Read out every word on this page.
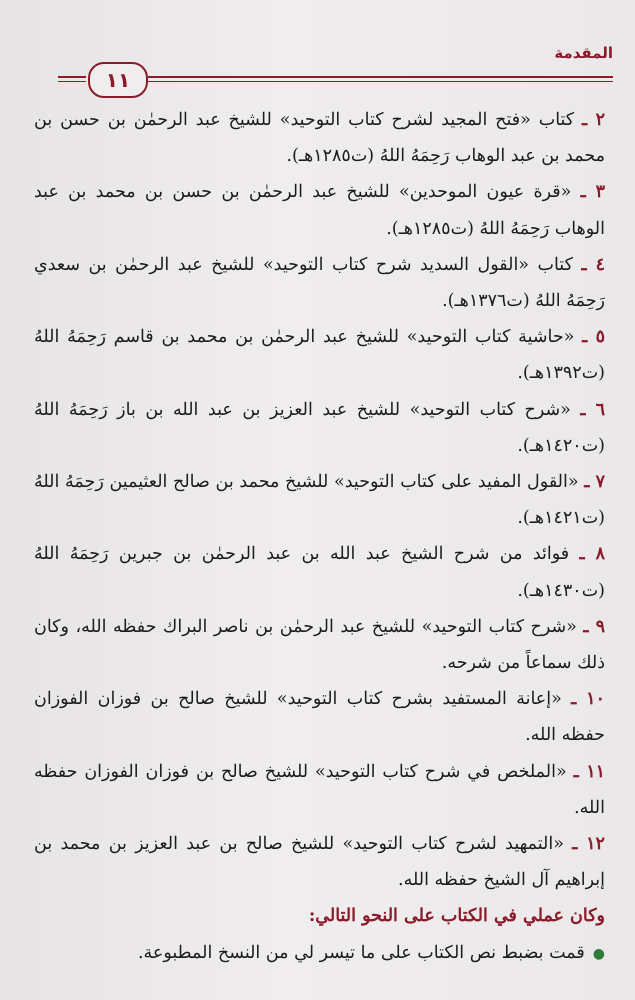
المقدمة
١١

٢ ـ كتاب «فتح المجيد لشرح كتاب التوحيد» للشيخ عبد الرحمٰن بن حسن بن محمد بن عبد الوهاب رَحِمَهُ اللهُ (ت١٢٨٥هـ).

٣ ـ «قرة عيون الموحدين» للشيخ عبد الرحمٰن بن حسن بن محمد بن عبد الوهاب رَحِمَهُ اللهُ (ت١٢٨٥هـ).

٤ ـ كتاب «القول السديد شرح كتاب التوحيد» للشيخ عبد الرحمٰن بن سعدي رَحِمَهُ اللهُ (ت١٣٧٦هـ).

٥ ـ «حاشية كتاب التوحيد» للشيخ عبد الرحمٰن بن محمد بن قاسم رَحِمَهُ اللهُ (ت١٣٩٢هـ).

٦ ـ «شرح كتاب التوحيد» للشيخ عبد العزيز بن عبد الله بن باز رَحِمَهُ اللهُ (ت١٤٢٠هـ).

٧ ـ «القول المفيد على كتاب التوحيد» للشيخ محمد بن صالح العثيمين رَحِمَهُ اللهُ (ت١٤٢١هـ).

٨ ـ فوائد من شرح الشيخ عبد الله بن عبد الرحمٰن بن جبرين رَحِمَهُ اللهُ (ت١٤٣٠هـ).

٩ ـ «شرح كتاب التوحيد» للشيخ عبد الرحمٰن بن ناصر البراك حفظه الله، وكان ذلك سماعاً من شرحه.

١٠ ـ «إعانة المستفيد بشرح كتاب التوحيد» للشيخ صالح بن فوزان الفوزان حفظه الله.

١١ ـ «الملخص في شرح كتاب التوحيد» للشيخ صالح بن فوزان الفوزان حفظه الله.

١٢ ـ «التمهيد لشرح كتاب التوحيد» للشيخ صالح بن عبد العزيز بن محمد بن إبراهيم آل الشيخ حفظه الله.

وكان عملي في الكتاب على النحو التالي:

●
قمت بضبط نص الكتاب على ما تيسر لي من النسخ المطبوعة.
